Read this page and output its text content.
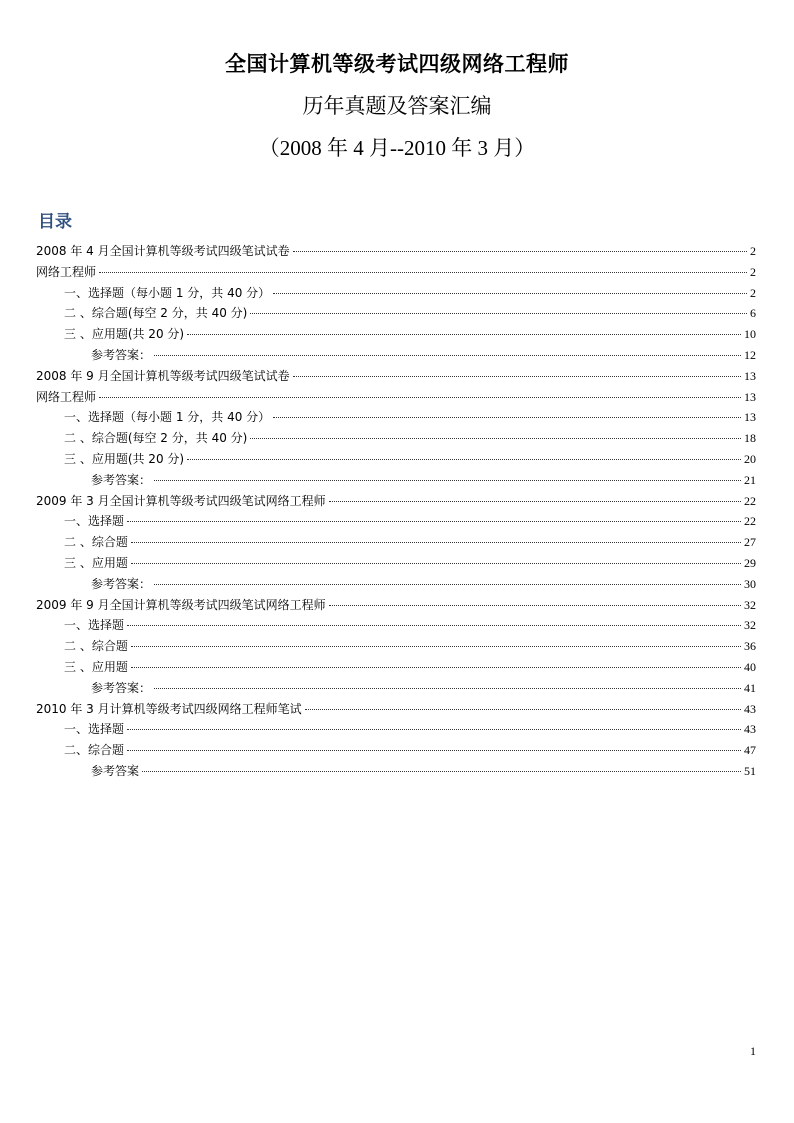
全国计算机等级考试四级网络工程师
历年真题及答案汇编
（2008 年 4 月--2010 年 3 月）
目录
2008 年 4 月全国计算机等级考试四级笔试试卷	2
网络工程师	2
一、选择题（每小题 1 分，共 40 分）	2
二 、综合题(每空 2 分，共 40 分)	6
三 、应用题(共 20 分)	10
参考答案：	12
2008 年 9 月全国计算机等级考试四级笔试试卷	13
网络工程师	13
一、选择题（每小题 1 分，共 40 分）	13
二 、综合题(每空 2 分，共 40 分)	18
三 、应用题(共 20 分)	20
参考答案：	21
2009 年 3 月全国计算机等级考试四级笔试网络工程师	22
一、选择题	22
二 、综合题	27
三 、应用题	29
参考答案：	30
2009 年 9 月全国计算机等级考试四级笔试网络工程师	32
一、选择题	32
二 、综合题	36
三 、应用题	40
参考答案：	41
2010 年 3 月计算机等级考试四级网络工程师笔试	43
一、选择题	43
二、综合题	47
参考答案	51
1
